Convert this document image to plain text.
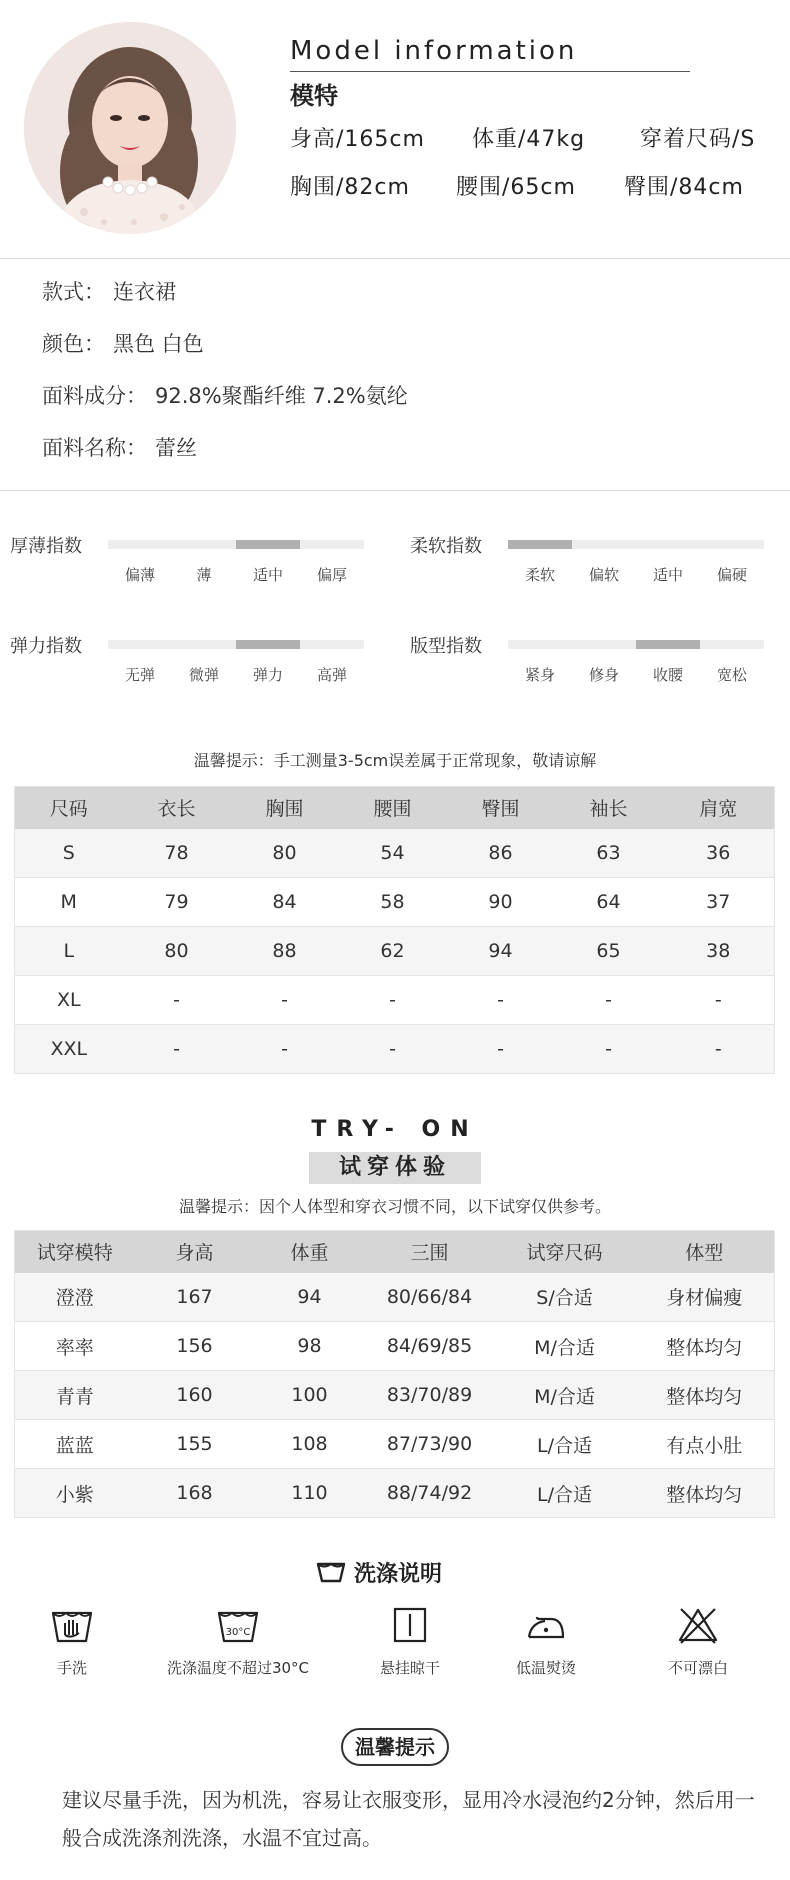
Model information
模特
身高/165cm 体重/47kg 穿着尺码/S
胸围/82cm 腰围/65cm 臀围/84cm
款式： 连衣裙
颜色： 黑色 白色
面料成分： 92.8%聚酯纤维 7.2%氨纶
面料名称： 蕾丝
厚薄指数
偏薄	薄	适中	偏厚
柔软指数
柔软	偏软	适中	偏硬
弹力指数
无弹	微弹	弹力	高弹
版型指数
紧身	修身	收腰	宽松
温馨提示：手工测量3-5cm误差属于正常现象，敬请谅解
尺码	衣长	胸围	腰围	臀围	袖长	肩宽
S	78	80	54	86	63	36
M	79	84	58	90	64	37
L	80	88	62	94	65	38
XL	-	-	-	-	-	-
XXL	-	-	-	-	-	-
TRY- ON
试穿体验
温馨提示：因个人体型和穿衣习惯不同，以下试穿仅供参考。
试穿模特	身高	体重	三围	试穿尺码	体型
澄澄	167	94	80/66/84	S/合适	身材偏瘦
率率	156	98	84/69/85	M/合适	整体均匀
青青	160	100	83/70/89	M/合适	整体均匀
蓝蓝	155	108	87/73/90	L/合适	有点小肚
小紫	168	110	88/74/92	L/合适	整体均匀
洗涤说明
手洗
30°C
洗涤温度不超过30°C	悬挂晾干	低温熨烫	不可漂白
温馨提示
建议尽量手洗，因为机洗，容易让衣服变形，显用冷水浸泡约2分钟，然后用一般合成洗涤剂洗涤，水温不宜过高。
